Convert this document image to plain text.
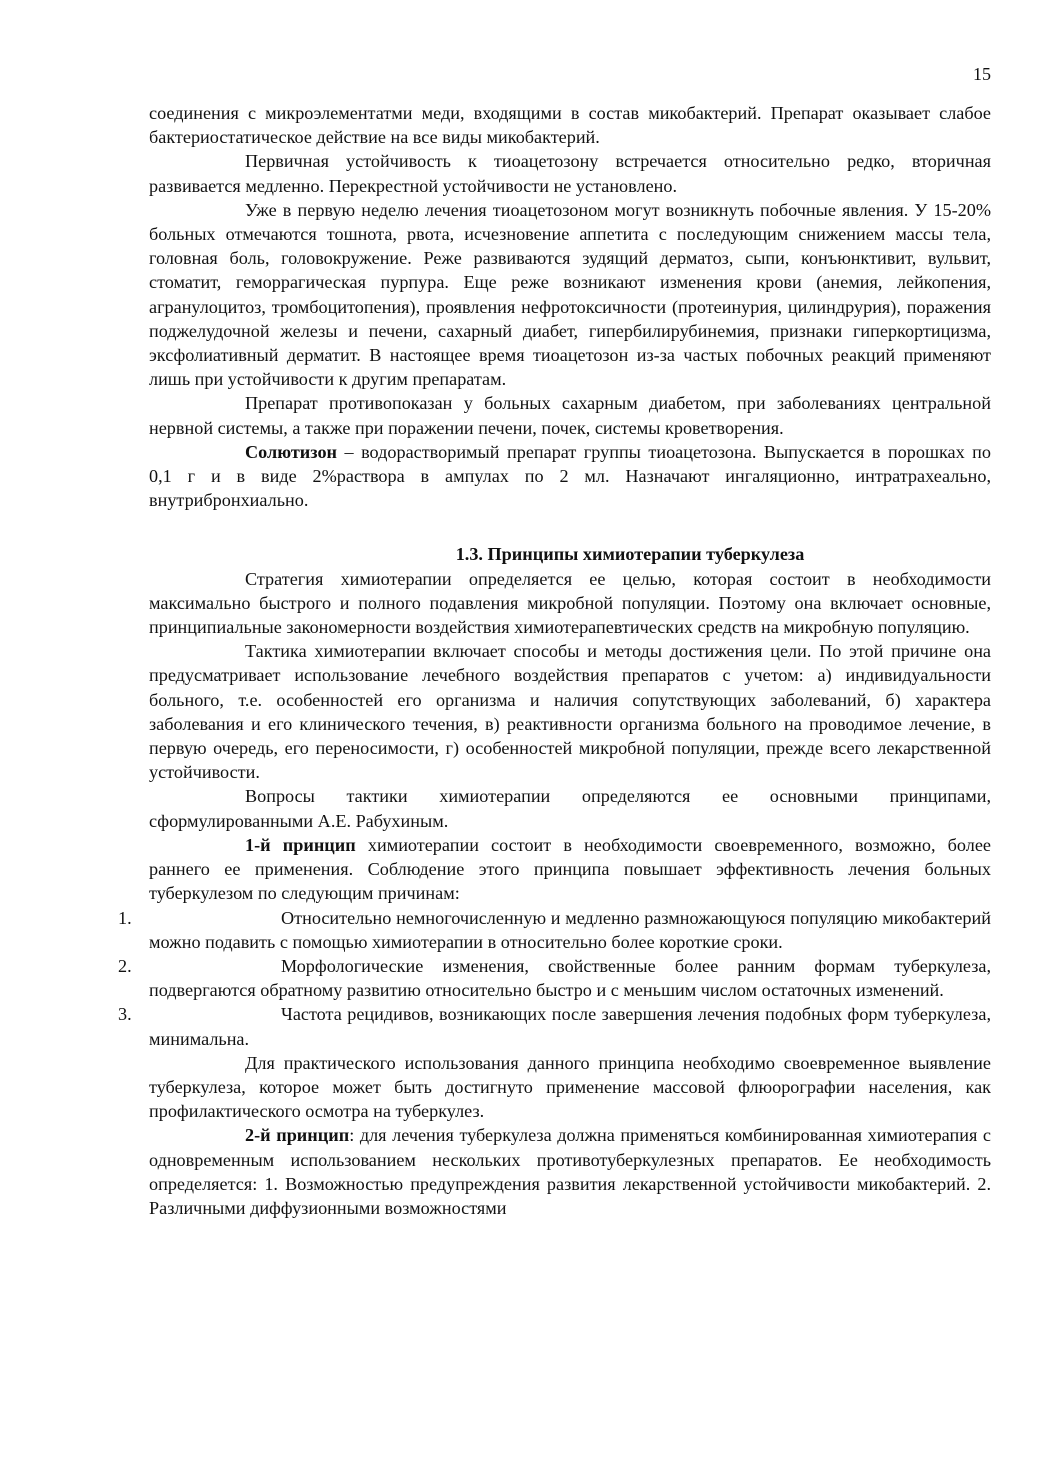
15

соединения с микроэлементатми меди, входящими в состав микобактерий. Препарат оказывает слабое бактериостатическое действие на все виды микобактерий.

Первичная устойчивость к тиоацетозону встречается относительно редко, вторичная развивается медленно. Перекрестной устойчивости не установлено.

Уже в первую неделю лечения тиоацетозоном могут возникнуть побочные явления. У 15-20% больных отмечаются тошнота, рвота, исчезновение аппетита с последующим снижением массы тела, головная боль, головокружение. Реже развиваются зудящий дерматоз, сыпи, конъюнктивит, вульвит, стоматит, геморрагическая пурпура. Еще реже возникают изменения крови (анемия, лейкопения, агранулоцитоз, тромбоцитопения), проявления нефротоксичности (протеинурия, цилиндрурия), поражения поджелудочной железы и печени, сахарный диабет, гипербилирубинемия, признаки гиперкортицизма, эксфолиативный дерматит. В настоящее время тиоацетозон из-за частых побочных реакций применяют лишь при устойчивости к другим препаратам.

Препарат противопоказан у больных сахарным диабетом, при заболеваниях центральной нервной системы, а также при поражении печени, почек, системы кроветворения.

Солютизон – водорастворимый препарат группы тиоацетозона. Выпускается в порошках по 0,1 г и в виде 2%раствора в ампулах по 2 мл. Назначают ингаляционно, интратрахеально, внутрибронхиально.

1.3. Принципы химиотерапии туберкулеза

Стратегия химиотерапии определяется ее целью, которая состоит в необходимости максимально быстрого и полного подавления микробной популяции. Поэтому она включает основные, принципиальные закономерности воздействия химиотерапевтических средств на микробную популяцию.

Тактика химиотерапии включает способы и методы достижения цели. По этой причине она предусматривает использование лечебного воздействия препаратов с учетом: а) индивидуальности больного, т.е. особенностей его организма и наличия сопутствующих заболеваний, б) характера заболевания и его клинического течения, в) реактивности организма больного на проводимое лечение, в первую очередь, его переносимости, г) особенностей микробной популяции, прежде всего лекарственной устойчивости.

Вопросы тактики химиотерапии определяются ее основными принципами, сформулированными А.Е. Рабухиным.

1-й принцип химиотерапии состоит в необходимости своевременного, возможно, более раннего ее применения. Соблюдение этого принципа повышает эффективность лечения больных туберкулезом по следующим причинам:

1.	Относительно немногочисленную и медленно размножающуюся популяцию микобактерий можно подавить с помощью химиотерапии в относительно более короткие сроки.

2.	Морфологические изменения, свойственные более ранним формам туберкулеза, подвергаются обратному развитию относительно быстро и с меньшим числом остаточных изменений.

3.	Частота рецидивов, возникающих после завершения лечения подобных форм туберкулеза, минимальна.

Для практического использования данного принципа необходимо своевременное выявление туберкулеза, которое может быть достигнуто применение массовой флюорографии населения, как профилактического осмотра на туберкулез.

2-й принцип: для лечения туберкулеза должна применяться комбинированная химиотерапия с одновременным использованием нескольких противотуберкулезных препаратов. Ее необходимость определяется: 1. Возможностью предупреждения развития лекарственной устойчивости микобактерий. 2. Различными диффузионными возможностями
